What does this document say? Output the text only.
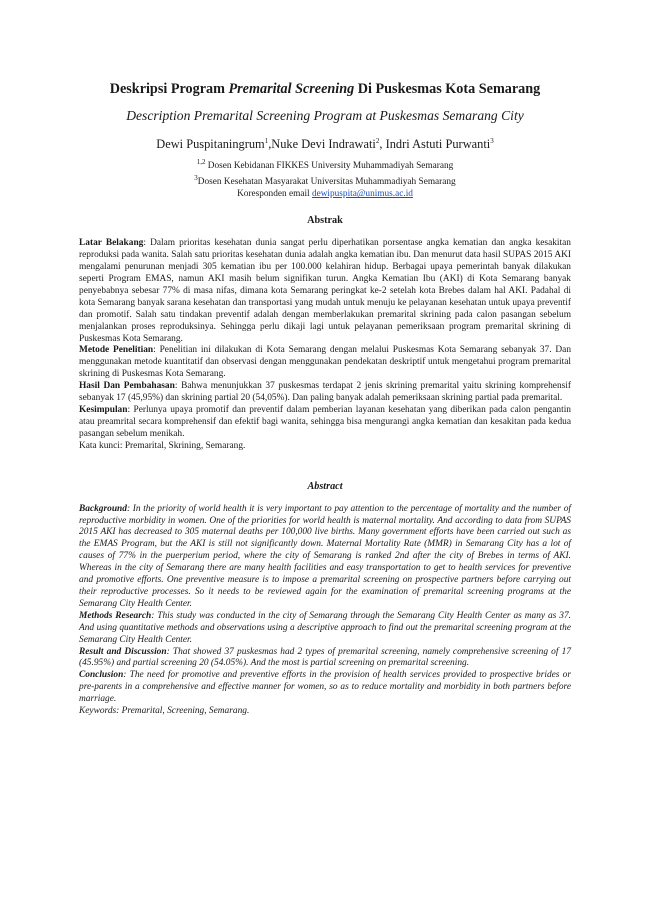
Deskripsi Program Premarital Screening Di Puskesmas Kota Semarang

Description Premarital Screening Program at Puskesmas Semarang City

Dewi Puspitaningrum$^1$,Nuke Devi Indrawati$^2$, Indri Astuti Purwanti$^3$

$^{1,2}$ Dosen Kebidanan FIKKES University Muhammadiyah Semarang

$^3$Dosen Kesehatan Masyarakat Universitas Muhammadiyah Semarang

Koresponden email dewipuspita@unimus.ac.id

Abstrak

Latar Belakang: Dalam prioritas kesehatan dunia sangat perlu diperhatikan porsentase angka kematian dan angka kesakitan reproduksi pada wanita. Salah satu prioritas kesehatan dunia adalah angka kematian ibu. Dan menurut data hasil SUPAS 2015 AKI mengalami penurunan menjadi 305 kematian ibu per 100.000 kelahiran hidup. Berbagai upaya pemerintah banyak dilakukan seperti Program EMAS, namun AKI masih belum signifikan turun. Angka Kematian Ibu (AKI) di Kota Semarang banyak penyebabnya sebesar 77% di masa nifas, dimana kota Semarang peringkat ke-2 setelah kota Brebes dalam hal AKI. Padahal di kota Semarang banyak sarana kesehatan dan transportasi yang mudah untuk menuju ke pelayanan kesehatan untuk upaya preventif dan promotif. Salah satu tindakan preventif adalah dengan memberlakukan premarital skrining pada calon pasangan sebelum menjalankan proses reproduksinya. Sehingga perlu dikaji lagi untuk pelayanan pemeriksaan program premarital skrining di Puskesmas Kota Semarang.

Metode Penelitian: Penelitian ini dilakukan di Kota Semarang dengan melalui Puskesmas Kota Semarang sebanyak 37. Dan menggunakan metode kuantitatif dan observasi dengan menggunakan pendekatan deskriptif untuk mengetahui program premarital skrining di Puskesmas Kota Semarang.

Hasil Dan Pembahasan: Bahwa menunjukkan 37 puskesmas terdapat 2 jenis skrining premarital yaitu skrining komprehensif sebanyak 17 (45,95%) dan skrining partial 20 (54,05%). Dan paling banyak adalah pemeriksaan skrining partial pada premarital.

Kesimpulan: Perlunya upaya promotif dan preventif dalam pemberian layanan kesehatan yang diberikan pada calon pengantin atau preamrital secara komprehensif dan efektif bagi wanita, sehingga bisa mengurangi angka kematian dan kesakitan pada kedua pasangan sebelum menikah.

Kata kunci: Premarital, Skrining, Semarang.

Abstract

Background: In the priority of world health it is very important to pay attention to the percentage of mortality and the number of reproductive morbidity in women. One of the priorities for world health is maternal mortality. And according to data from SUPAS 2015 AKI has decreased to 305 maternal deaths per 100,000 live births. Many government efforts have been carried out such as the EMAS Program, but the AKI is still not significantly down. Maternal Mortality Rate (MMR) in Semarang City has a lot of causes of 77% in the puerperium period, where the city of Semarang is ranked 2nd after the city of Brebes in terms of AKI. Whereas in the city of Semarang there are many health facilities and easy transportation to get to health services for preventive and promotive efforts. One preventive measure is to impose a premarital screening on prospective partners before carrying out their reproductive processes. So it needs to be reviewed again for the examination of premarital screening programs at the Semarang City Health Center.

Methods Research: This study was conducted in the city of Semarang through the Semarang City Health Center as many as 37. And using quantitative methods and observations using a descriptive approach to find out the premarital screening program at the Semarang City Health Center.

Result and Discussion: That showed 37 puskesmas had 2 types of premarital screening, namely comprehensive screening of 17 (45.95%) and partial screening 20 (54.05%). And the most is partial screening on premarital screening.

Conclusion: The need for promotive and preventive efforts in the provision of health services provided to prospective brides or pre-parents in a comprehensive and effective manner for women, so as to reduce mortality and morbidity in both partners before marriage.

Keywords: Premarital, Screening, Semarang.
